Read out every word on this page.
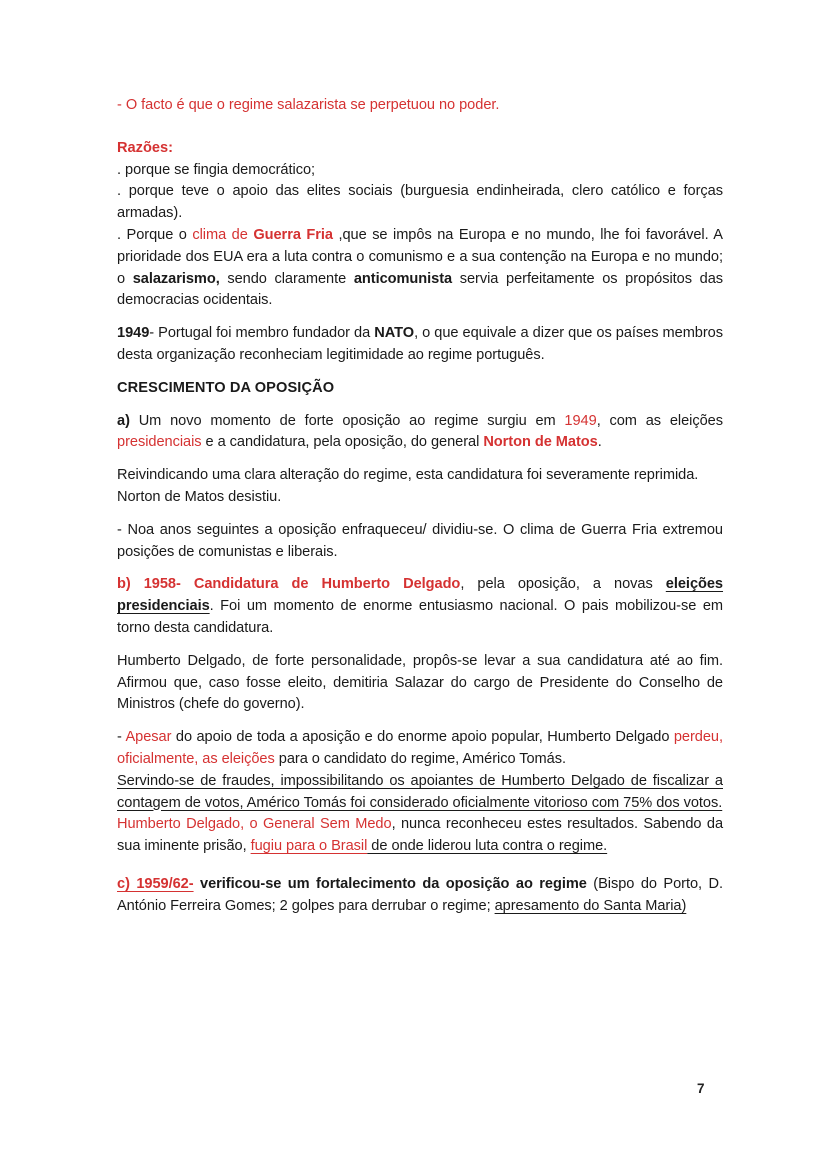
- O facto é que o regime salazarista se perpetuou no poder.

Razões:

. porque se fingia democrático;

. porque teve o apoio das elites sociais (burguesia endinheirada, clero católico e forças armadas).

. Porque o clima de Guerra Fria ,que se impôs na Europa e no mundo, lhe foi favorável. A prioridade dos EUA era a luta contra o comunismo e a sua contenção na Europa e no mundo; o salazarismo, sendo claramente anticomunista servia perfeitamente os propósitos das democracias ocidentais.

1949- Portugal foi membro fundador da NATO, o que equivale a dizer que os países membros desta organização reconheciam legitimidade ao regime português.

CRESCIMENTO DA OPOSIÇÃO

a) Um novo momento de forte oposição ao regime surgiu em 1949, com as eleições presidenciais e a candidatura, pela oposição, do general Norton de Matos.

Reivindicando uma clara alteração do regime, esta candidatura foi severamente reprimida.

Norton de Matos desistiu.

- Noa anos seguintes a oposição enfraqueceu/ dividiu-se. O clima de Guerra Fria extremou posições de comunistas e liberais.

b) 1958- Candidatura de Humberto Delgado, pela oposição, a novas eleições presidenciais. Foi um momento de enorme entusiasmo nacional. O pais mobilizou-se em torno desta candidatura.

Humberto Delgado, de forte personalidade, propôs-se levar a sua candidatura até ao fim. Afirmou que, caso fosse eleito, demitiria Salazar do cargo de Presidente do Conselho de Ministros (chefe do governo).

- Apesar do apoio de toda a aposição e do enorme apoio popular, Humberto Delgado perdeu, oficialmente, as eleições para o candidato do regime, Américo Tomás.

Servindo-se de fraudes, impossibilitando os apoiantes de Humberto Delgado de fiscalizar a contagem de votos, Américo Tomás foi considerado oficialmente vitorioso com 75% dos votos.

Humberto Delgado, o General Sem Medo, nunca reconheceu estes resultados. Sabendo da sua iminente prisão, fugiu para o Brasil de onde liderou luta contra o regime.

c) 1959/62- verificou-se um fortalecimento da oposição ao regime (Bispo do Porto, D. António Ferreira Gomes; 2 golpes para derrubar o regime; apresamento do Santa Maria)

7
